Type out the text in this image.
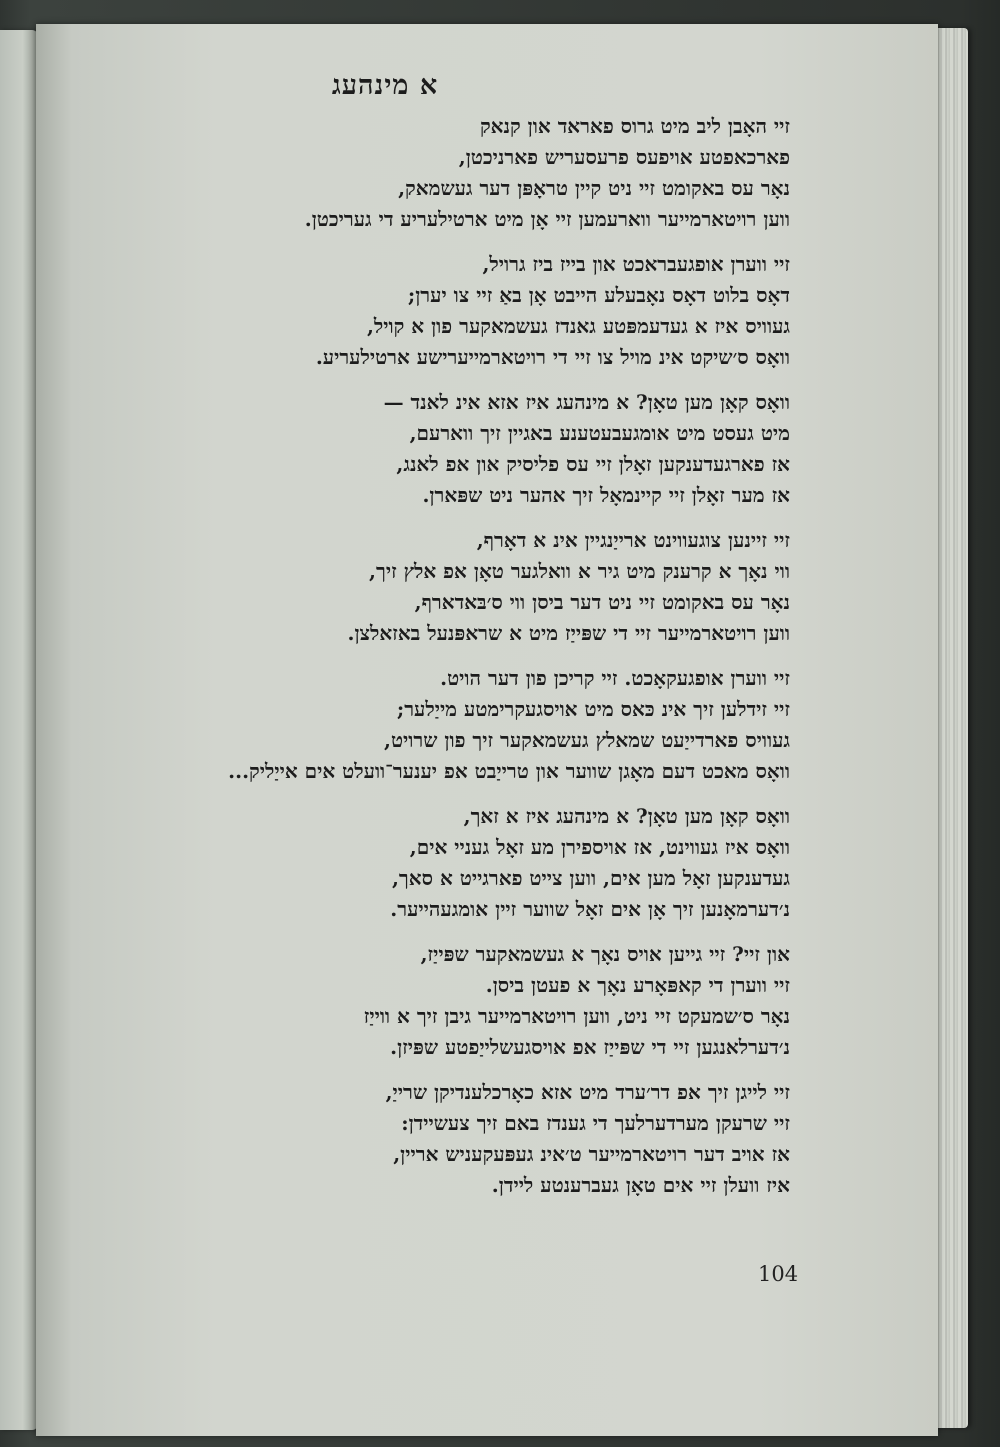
א מינהעג
זיי האָבן ליב מיט גרוס פאראד און קנאק
פארכאפטע אויפעס פרעסעריש פארניכטן,
נאָר עס באקומט זיי ניט קיין טראָפּן דער געשמאק,
ווען רויטארמייער ווארעמען זיי אָן מיט ארטילעריע די געריכטן.
זיי ווערן אופגעבראכט און בייז ביז גרויל,
דאָס בלוט דאָס נאָבעלע הייבט אָן באַ זיי צו יערן;
געוויס איז א געדעמפּטע גאנדז געשמאקער פון א קויל,
וואָס ס׳שיקט אינ מויל צו זיי די רויטארמייערישע ארטילעריע.
וואָס קאָן מען טאָן? א מינהעג איז אזא אינ לאנד —
מיט געסט מיט אומגעבעטענע באגיין זיך ווארעם,
אז פארגעדענקען זאָלן זיי עס פליסיק און אפ לאנג,
אז מער זאָלן זיי קיינמאָל זיך אהער ניט שפּארן.
זיי זיינען צוגעווינט ארייַנגיין אינ א דאָרף,
ווי נאָך א קרענק מיט גיר א וואלגער טאָן אפ אלץ זיך,
נאָר עס באקומט זיי ניט דער ביסן ווי ס׳בּאדארף,
ווען רויטארמייער זיי די שפּייַז מיט א שראפּנעל באזאלצן.
זיי ווערן אופגעקאָכט. זיי קריכן פון דער הויט.
זיי זידלען זיך אינ כּאס מיט אויסגעקרימטע מייַלער;
געוויס פארדייַעט שמאלץ געשמאקער זיך פון שרויט,
וואָס מאכט דעם מאָגן שווער און טרייַבט אפ יענער־וועלט אים אייַליק...
וואָס קאָן מען טאָן? א מינהעג איז א זאך,
וואָס איז געווינט, אז אויספירן מע זאָל געניי אים,
געדענקען זאָל מען אים, ווען צייט פארגייט א סאך,
נ׳דערמאָנען זיך אָן אים זאָל שווער זיין אומגעהייער.
און זיי? זיי גייען אויס נאָך א געשמאקער שפּייַז,
זיי ווערן די קאפּאָרע נאָך א פעטן ביסן.
נאָר ס׳שמעקט זיי ניט, ווען רויטארמייער גיבן זיך א ווייַז
נ׳דערלאנגען זיי די שפּייַז אפ אויסגעשלייַפטע שפּיזן.
זיי לייגן זיך אפ דר׳ערד מיט אזא כאָרכלענדיקן שרייַ,
זיי שרעקן מערדערלעך די גענדז באם זיך צעשיידן:
אז אויב דער רויטארמייער ט׳אינ געפּעקעניש אריין,
איז וועלן זיי אים טאָן געברענטע ליידן.
104
